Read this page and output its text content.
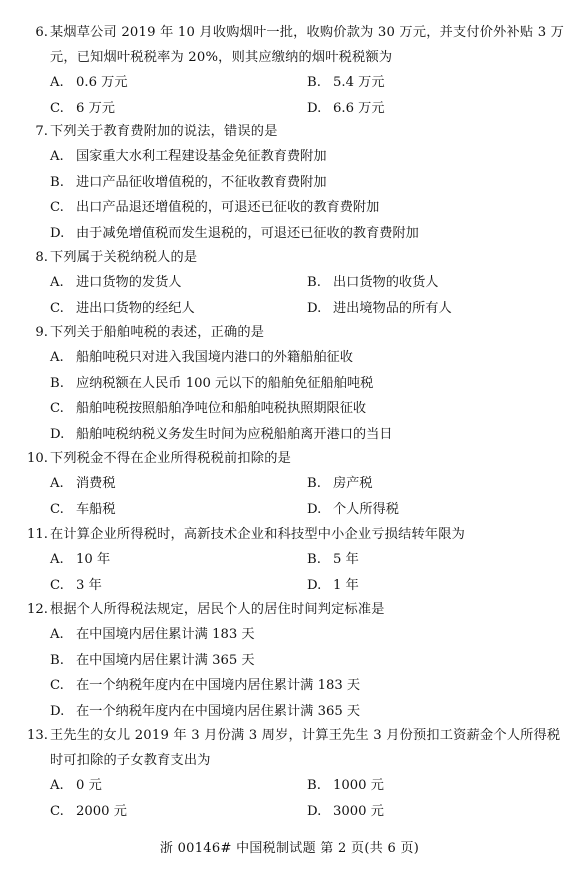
6. 某烟草公司 2019 年 10 月收购烟叶一批，收购价款为 30 万元，并支付价外补贴 3 万元，已知烟叶税税率为 20%，则其应缴纳的烟叶税税额为
A. 0.6 万元	B. 5.4 万元
C. 6 万元	D. 6.6 万元
7. 下列关于教育费附加的说法，错误的是
A. 国家重大水利工程建设基金免征教育费附加
B. 进口产品征收增值税的，不征收教育费附加
C. 出口产品退还增值税的，可退还已征收的教育费附加
D. 由于减免增值税而发生退税的，可退还已征收的教育费附加
8. 下列属于关税纳税人的是
A. 进口货物的发货人	B. 出口货物的收货人
C. 进出口货物的经纪人	D. 进出境物品的所有人
9. 下列关于船舶吨税的表述，正确的是
A. 船舶吨税只对进入我国境内港口的外籍船舶征收
B. 应纳税额在人民币 100 元以下的船舶免征船舶吨税
C. 船舶吨税按照船舶净吨位和船舶吨税执照期限征收
D. 船舶吨税纳税义务发生时间为应税船舶离开港口的当日
10. 下列税金不得在企业所得税税前扣除的是
A. 消费税	B. 房产税
C. 车船税	D. 个人所得税
11. 在计算企业所得税时，高新技术企业和科技型中小企业亏损结转年限为
A. 10 年	B. 5 年
C. 3 年	D. 1 年
12. 根据个人所得税法规定，居民个人的居住时间判定标准是
A. 在中国境内居住累计满 183 天
B. 在中国境内居住累计满 365 天
C. 在一个纳税年度内在中国境内居住累计满 183 天
D. 在一个纳税年度内在中国境内居住累计满 365 天
13. 王先生的女儿 2019 年 3 月份满 3 周岁，计算王先生 3 月份预扣工资薪金个人所得税时可扣除的子女教育支出为
A. 0 元	B. 1000 元
C. 2000 元	D. 3000 元
浙 00146# 中国税制试题 第 2 页(共 6 页)
